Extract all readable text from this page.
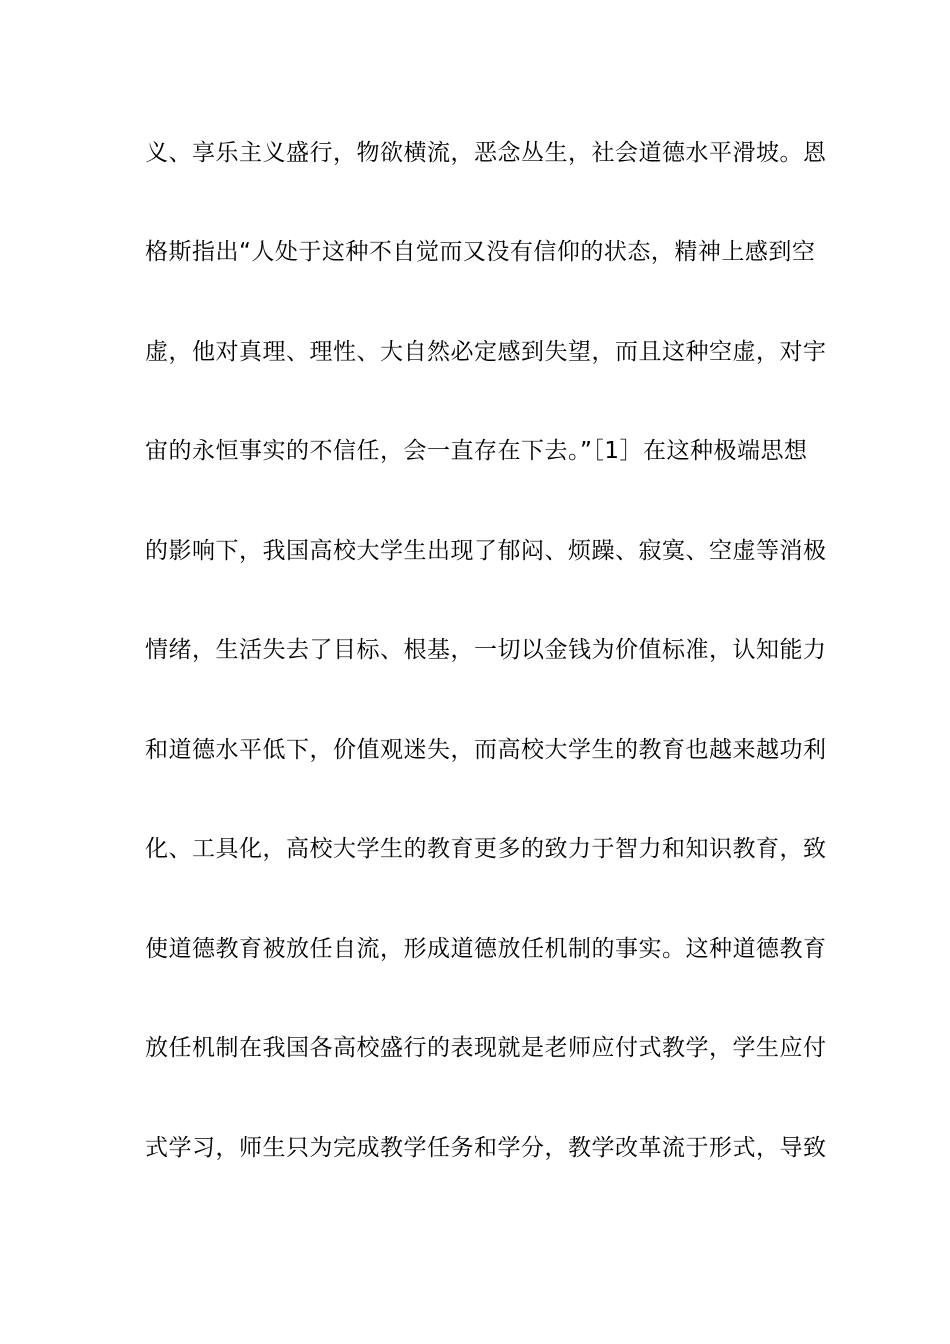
义、享乐主义盛行，物欲横流，恶念丛生，社会道德水平滑坡。恩
格斯指出“人处于这种不自觉而又没有信仰的状态，精神上感到空
虚，他对真理、理性、大自然必定感到失望，而且这种空虚，对宇
宙的永恒事实的不信任，会一直存在下去。”［1］在这种极端思想
的影响下，我国高校大学生出现了郁闷、烦躁、寂寞、空虚等消极
情绪，生活失去了目标、根基，一切以金钱为价值标准，认知能力
和道德水平低下，价值观迷失，而高校大学生的教育也越来越功利
化、工具化，高校大学生的教育更多的致力于智力和知识教育，致
使道德教育被放任自流，形成道德放任机制的事实。这种道德教育
放任机制在我国各高校盛行的表现就是老师应付式教学，学生应付
式学习，师生只为完成教学任务和学分，教学改革流于形式，导致
